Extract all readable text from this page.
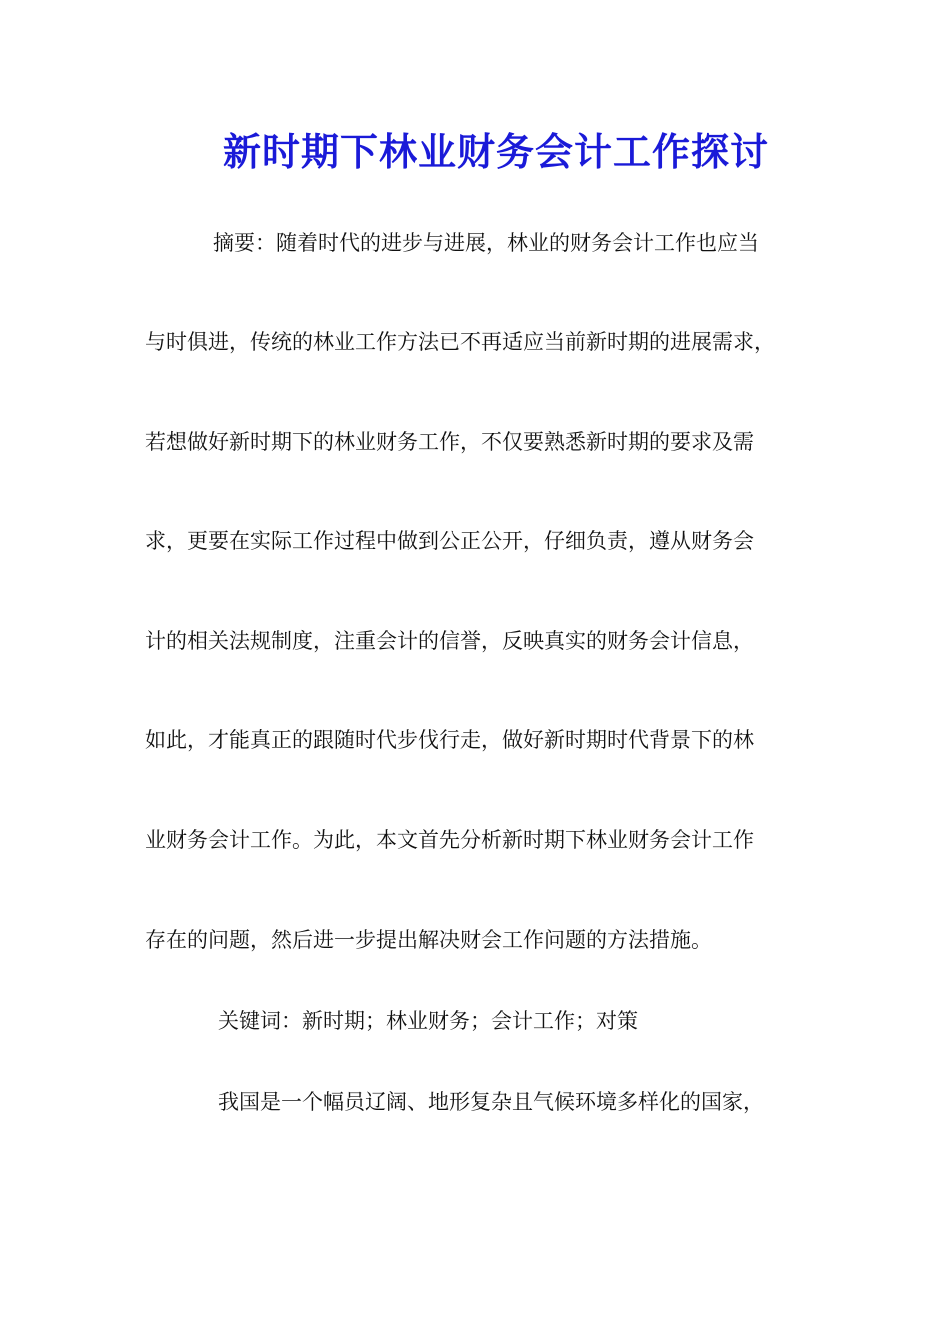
新时期下林业财务会计工作探讨
摘要：随着时代的进步与进展，林业的财务会计工作也应当
与时俱进，传统的林业工作方法已不再适应当前新时期的进展需求，
若想做好新时期下的林业财务工作，不仅要熟悉新时期的要求及需
求，更要在实际工作过程中做到公正公开，仔细负责，遵从财务会
计的相关法规制度，注重会计的信誉，反映真实的财务会计信息，
如此，才能真正的跟随时代步伐行走，做好新时期时代背景下的林
业财务会计工作。为此，本文首先分析新时期下林业财务会计工作
存在的问题，然后进一步提出解决财会工作问题的方法措施。
关键词：新时期；林业财务；会计工作；对策
我国是一个幅员辽阔、地形复杂且气候环境多样化的国家，
